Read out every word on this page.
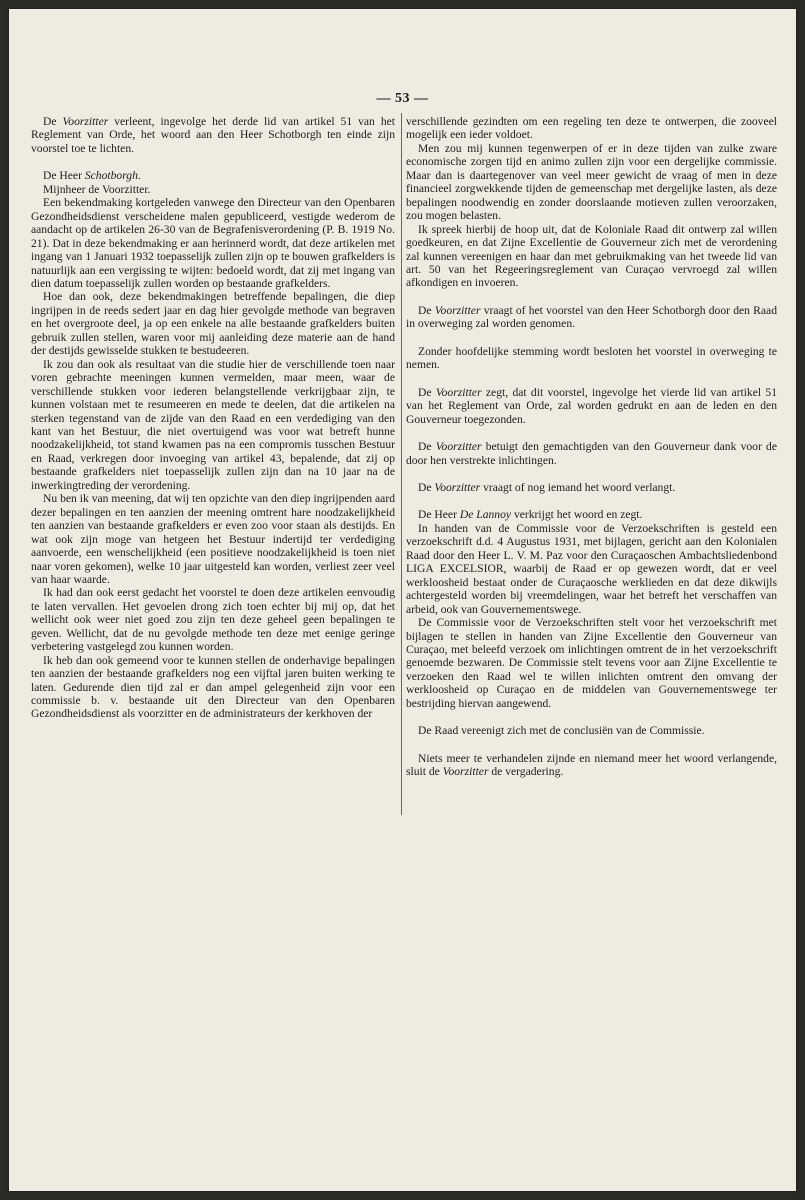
— 53 —

De Voorzitter verleent, ingevolge het derde lid van artikel 51 van het Reglement van Orde, het woord aan den Heer Schotborgh ten einde zijn voorstel toe te lichten.

De Heer Schotborgh.

Mijnheer de Voorzitter.

Een bekendmaking kortgeleden vanwege den Directeur van den Openbaren Gezondheidsdienst verscheidene malen gepubliceerd, vestigde wederom de aandacht op de artikelen 26-30 van de Begrafenisverordening (P. B. 1919 No. 21). Dat in deze bekendmaking er aan herinnerd wordt, dat deze artikelen met ingang van 1 Januari 1932 toepasselijk zullen zijn op te bouwen grafkelders is natuurlijk aan een vergissing te wijten: bedoeld wordt, dat zij met ingang van dien datum toepasselijk zullen worden op bestaande grafkelders.

Hoe dan ook, deze bekendmakingen betreffende bepalingen, die diep ingrijpen in de reeds sedert jaar en dag hier gevolgde methode van begraven en het overgroote deel, ja op een enkele na alle bestaande grafkelders buiten gebruik zullen stellen, waren voor mij aanleiding deze materie aan de hand der destijds gewisselde stukken te bestudeeren.

Ik zou dan ook als resultaat van die studie hier de verschillende toen naar voren gebrachte meeningen kunnen vermelden, maar meen, waar de verschillende stukken voor iederen belangstellende verkrijgbaar zijn, te kunnen volstaan met te resumeeren en mede te deelen, dat die artikelen na sterken tegenstand van de zijde van den Raad en een verdediging van den kant van het Bestuur, die niet overtuigend was voor wat betreft hunne noodzakelijkheid, tot stand kwamen pas na een compromis tusschen Bestuur en Raad, verkregen door invoeging van artikel 43, bepalende, dat zij op bestaande grafkelders niet toepasselijk zullen zijn dan na 10 jaar na de inwerkingtreding der verordening.

Nu ben ik van meening, dat wij ten opzichte van den diep ingrijpenden aard dezer bepalingen en ten aanzien der meening omtrent hare noodzakelijkheid ten aanzien van bestaande grafkelders er even zoo voor staan als destijds. En wat ook zijn moge van hetgeen het Bestuur indertijd ter verdediging aanvoerde, een wenschelijkheid (een positieve noodzakelijkheid is toen niet naar voren gekomen), welke 10 jaar uitgesteld kan worden, verliest zeer veel van haar waarde.

Ik had dan ook eerst gedacht het voorstel te doen deze artikelen eenvoudig te laten vervallen. Het gevoelen drong zich toen echter bij mij op, dat het wellicht ook weer niet goed zou zijn ten deze geheel geen bepalingen te geven. Wellicht, dat de nu gevolgde methode ten deze met eenige geringe verbetering vastgelegd zou kunnen worden.

Ik heb dan ook gemeend voor te kunnen stellen de onderhavige bepalingen ten aanzien der bestaande grafkelders nog een vijftal jaren buiten werking te laten. Gedurende dien tijd zal er dan ampel gelegenheid zijn voor een commissie b. v. bestaande uit den Directeur van den Openbaren Gezondheidsdienst als voorzitter en de administrateurs der kerkhoven der

verschillende gezindten om een regeling ten deze te ontwerpen, die zooveel mogelijk een ieder voldoet.

Men zou mij kunnen tegenwerpen of er in deze tijden van zulke zware economische zorgen tijd en animo zullen zijn voor een dergelijke commissie. Maar dan is daartegenover van veel meer gewicht de vraag of men in deze financieel zorgwekkende tijden de gemeenschap met dergelijke lasten, als deze bepalingen noodwendig en zonder doorslaande motieven zullen veroorzaken, zou mogen belasten.

Ik spreek hierbij de hoop uit, dat de Koloniale Raad dit ontwerp zal willen goedkeuren, en dat Zijne Excellentie de Gouverneur zich met de verordening zal kunnen vereenigen en haar dan met gebruikmaking van het tweede lid van art. 50 van het Regeeringsreglement van Curaçao vervroegd zal willen afkondigen en invoeren.

De Voorzitter vraagt of het voorstel van den Heer Schotborgh door den Raad in overweging zal worden genomen.

Zonder hoofdelijke stemming wordt besloten het voorstel in overweging te nemen.

De Voorzitter zegt, dat dit voorstel, ingevolge het vierde lid van artikel 51 van het Reglement van Orde, zal worden gedrukt en aan de leden en den Gouverneur toegezonden.

De Voorzitter betuigt den gemachtigden van den Gouverneur dank voor de door hen verstrekte inlichtingen.

De Voorzitter vraagt of nog iemand het woord verlangt.

De Heer De Lannoy verkrijgt het woord en zegt.

In handen van de Commissie voor de Verzoekschriften is gesteld een verzoekschrift d.d. 4 Augustus 1931, met bijlagen, gericht aan den Kolonialen Raad door den Heer L. V. M. Paz voor den Curaçaoschen Ambachtsliedenbond LIGA EXCELSIOR, waarbij de Raad er op gewezen wordt, dat er veel werkloosheid bestaat onder de Curaçaosche werklieden en dat deze dikwijls achtergesteld worden bij vreemdelingen, waar het betreft het verschaffen van arbeid, ook van Gouvernementswege.

De Commissie voor de Verzoekschriften stelt voor het verzoekschrift met bijlagen te stellen in handen van Zijne Excellentie den Gouverneur van Curaçao, met beleefd verzoek om inlichtingen omtrent de in het verzoekschrift genoemde bezwaren. De Commissie stelt tevens voor aan Zijne Excellentie te verzoeken den Raad wel te willen inlichten omtrent den omvang der werkloosheid op Curaçao en de middelen van Gouvernementswege ter bestrijding hiervan aangewend.

De Raad vereenigt zich met de conclusiën van de Commissie.

Niets meer te verhandelen zijnde en niemand meer het woord verlangende, sluit de Voorzitter de vergadering.
